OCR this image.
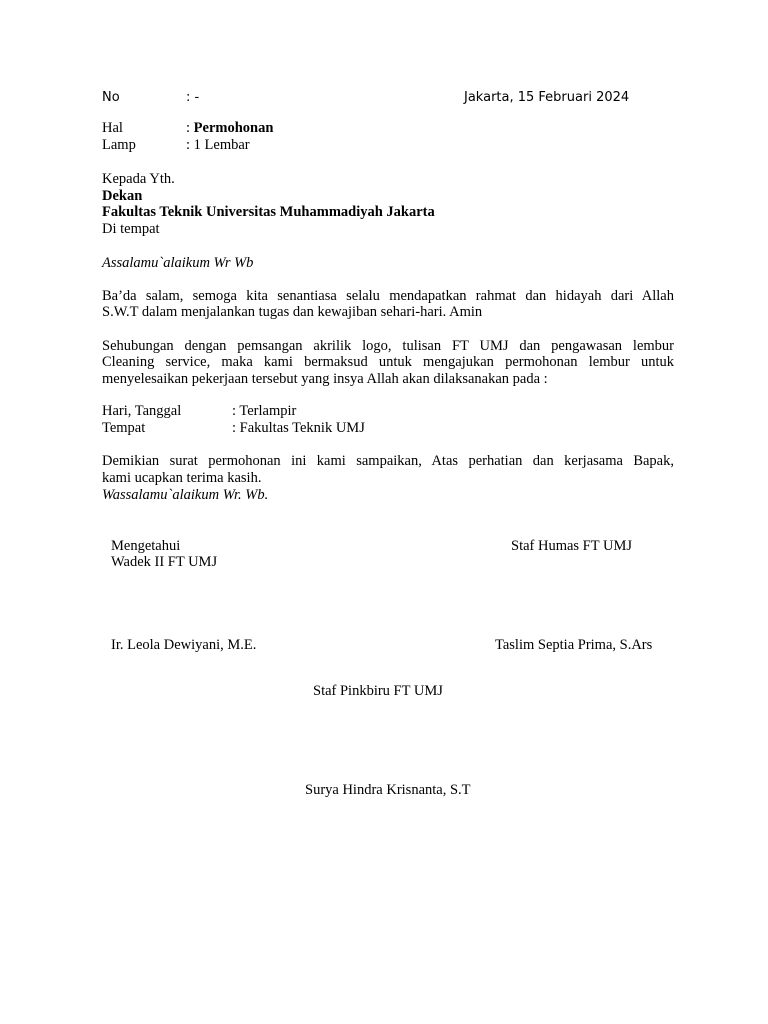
No	: -	Jakarta, 15 Februari 2024
Hal	: Permohonan
Lamp	: 1 Lembar
Kepada Yth.
Dekan
Fakultas Teknik Universitas Muhammadiyah Jakarta
Di tempat
Assalamu`alaikum Wr Wb
Ba’da salam, semoga kita senantiasa selalu mendapatkan rahmat dan hidayah dari Allah
S.W.T dalam menjalankan tugas dan kewajiban sehari-hari. Amin
Sehubungan dengan pemsangan akrilik logo, tulisan FT UMJ dan pengawasan lembur
Cleaning service, maka kami bermaksud untuk mengajukan permohonan lembur untuk
menyelesaikan pekerjaan tersebut yang insya Allah akan dilaksanakan pada :
Hari, Tanggal	: Terlampir
Tempat	: Fakultas Teknik UMJ
Demikian surat permohonan ini kami sampaikan, Atas perhatian dan kerjasama Bapak,
kami ucapkan terima kasih.
Wassalamu`alaikum Wr. Wb.
Mengetahui
Wadek II FT UMJ
Staf Humas FT UMJ
Ir. Leola Dewiyani, M.E.	Taslim Septia Prima, S.Ars
Staf Pinkbiru FT UMJ
Surya Hindra Krisnanta, S.T
